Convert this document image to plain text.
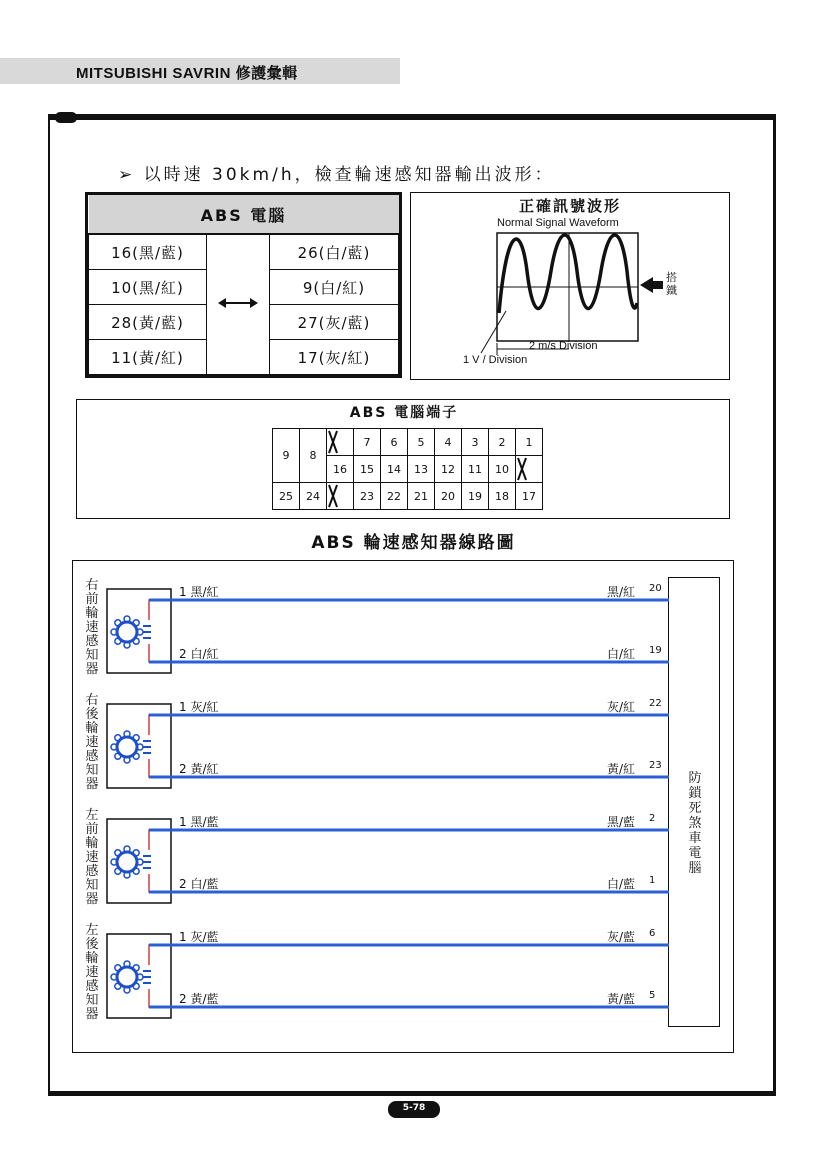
MITSUBISHI SAVRIN 修護彙輯
➢ 以時速 30km/h，檢查輪速感知器輸出波形：
ABS 電腦		
16(黑/藍)		26(白/藍)
10(黑/紅)		9(白/紅)
28(黃/藍)		27(灰/藍)
11(黃/紅)		17(灰/紅)
正確訊號波形
Normal Signal Waveform
搭鐵
2 m/s Division
1 V / Division
ABS 電腦端子
9	8		7	6	5	4	3	2	1
		16	15	14	13	12	11	10	

25	24		23	22	21	20	19	18	17
ABS 輪速感知器線路圖
防鎖死煞車電腦
右前輪速感知器
1 黑/紅	黑/紅 20
2 白/紅	白/紅 19
右後輪速感知器
1 灰/紅	灰/紅 22
2 黃/紅	黃/紅 23
左前輪速感知器
1 黑/藍	黑/藍 2
2 白/藍	白/藍 1
左後輪速感知器
1 灰/藍	灰/藍 6
2 黃/藍	黃/藍 5
5-78
